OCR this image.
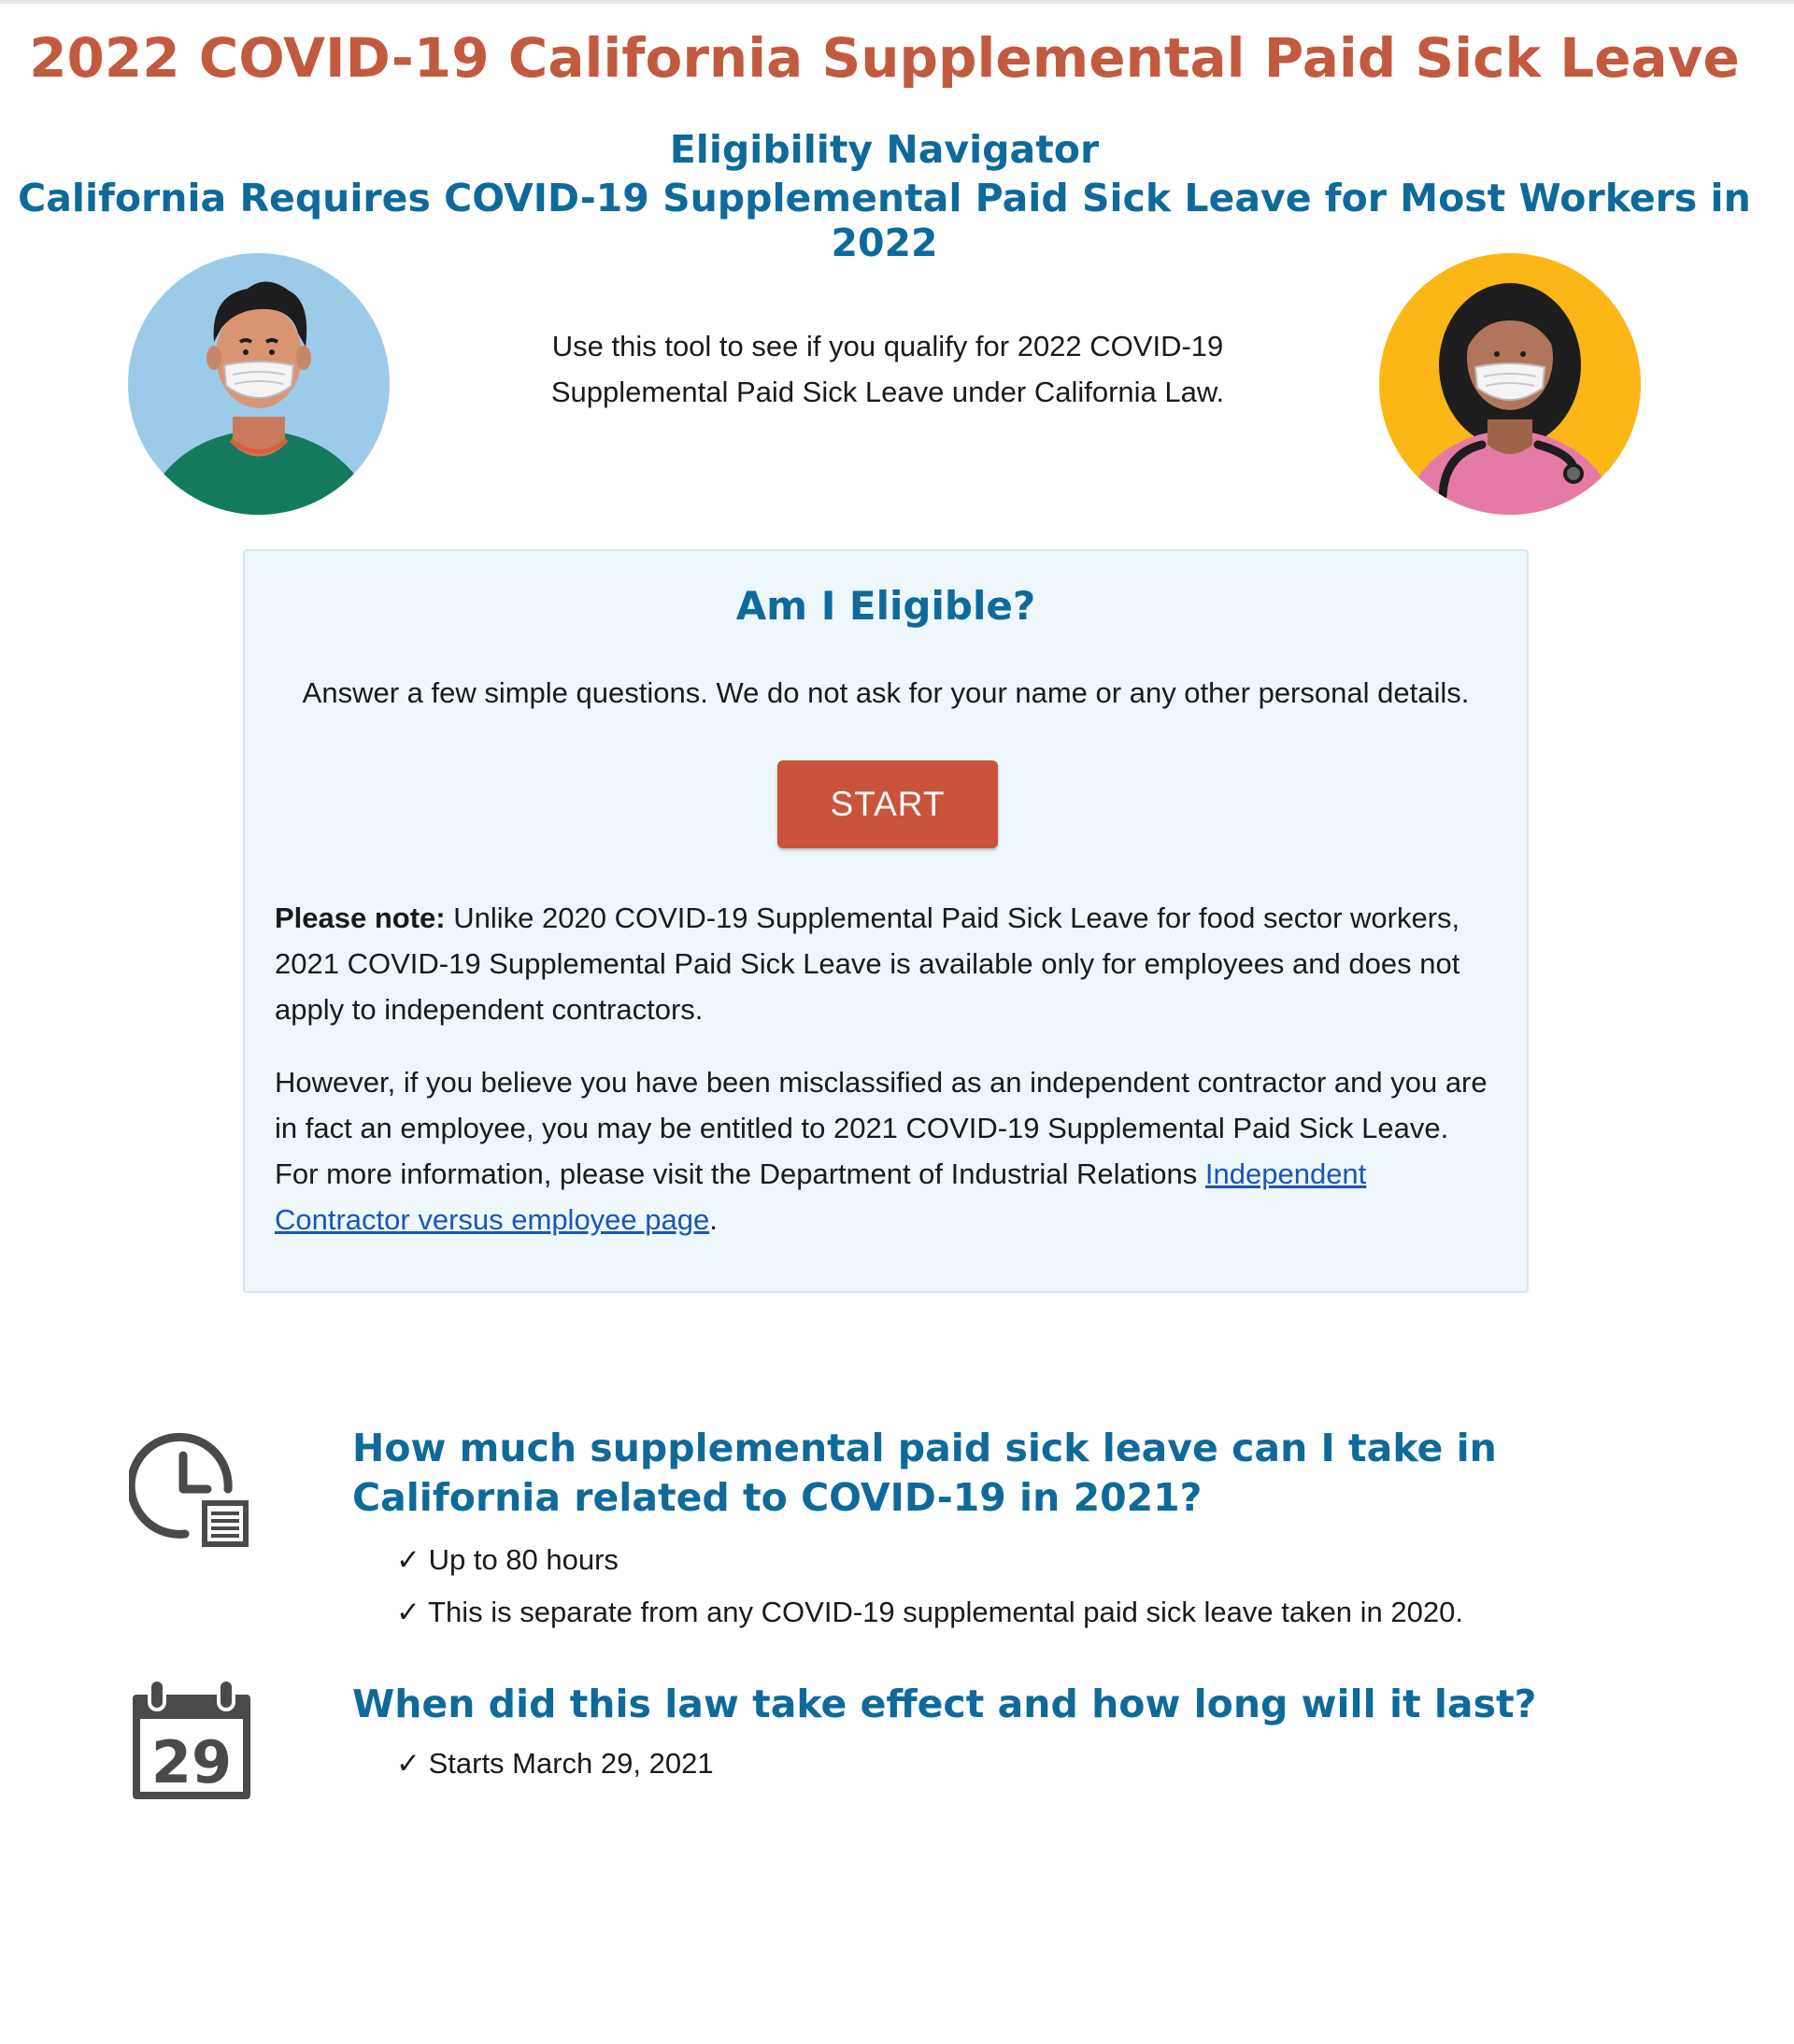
2022 COVID-19 California Supplemental Paid Sick Leave
Eligibility Navigator
California Requires COVID-19 Supplemental Paid Sick Leave for Most Workers in 2022

Use this tool to see if you qualify for 2022 COVID-19 Supplemental Paid Sick Leave under California Law.

Am I Eligible?

Answer a few simple questions. We do not ask for your name or any other personal details.

START

Please note: Unlike 2020 COVID-19 Supplemental Paid Sick Leave for food sector workers, 2021 COVID-19 Supplemental Paid Sick Leave is available only for employees and does not apply to independent contractors.

However, if you believe you have been misclassified as an independent contractor and you are in fact an employee, you may be entitled to 2021 COVID-19 Supplemental Paid Sick Leave. For more information, please visit the Department of Industrial Relations Independent Contractor versus employee page.

How much supplemental paid sick leave can I take in California related to COVID-19 in 2021?

✓ Up to 80 hours

✓ This is separate from any COVID-19 supplemental paid sick leave taken in 2020.

29
When did this law take effect and how long will it last?

✓ Starts March 29, 2021
